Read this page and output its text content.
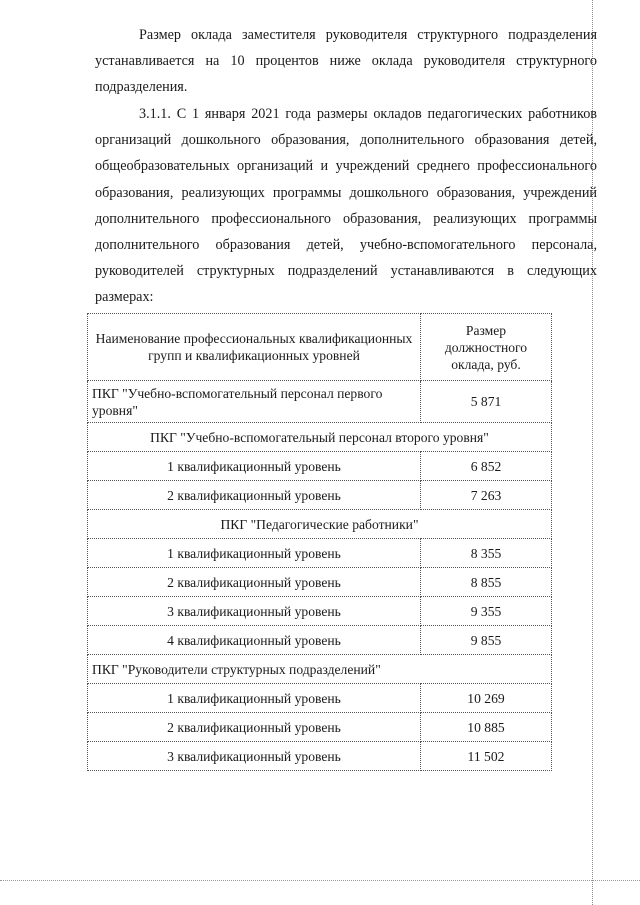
Размер оклада заместителя руководителя структурного подразделения устанавливается на 10 процентов ниже оклада руководителя структурного подразделения.

3.1.1. С 1 января 2021 года размеры окладов педагогических работников организаций дошкольного образования, дополнительного образования детей, общеобразовательных организаций и учреждений среднего профессионального образования, реализующих программы дошкольного образования, учреждений дополнительного профессионального образования, реализующих программы дополнительного образования детей, учебно-вспомогательного персонала, руководителей структурных подразделений устанавливаются в следующих размерах:

Наименование профессиональных квалификационных групп и квалификационных уровней	Размер должностного оклада, руб.
ПКГ "Учебно-вспомогательный персонал первого уровня"	5 871
ПКГ "Учебно-вспомогательный персонал второго уровня"	
1 квалификационный уровень	6 852
2 квалификационный уровень	7 263
ПКГ "Педагогические работники"	
1 квалификационный уровень	8 355
2 квалификационный уровень	8 855
3 квалификационный уровень	9 355
4 квалификационный уровень	9 855
ПКГ "Руководители структурных подразделений"	
1 квалификационный уровень	10 269
2 квалификационный уровень	10 885
3 квалификационный уровень	11 502
